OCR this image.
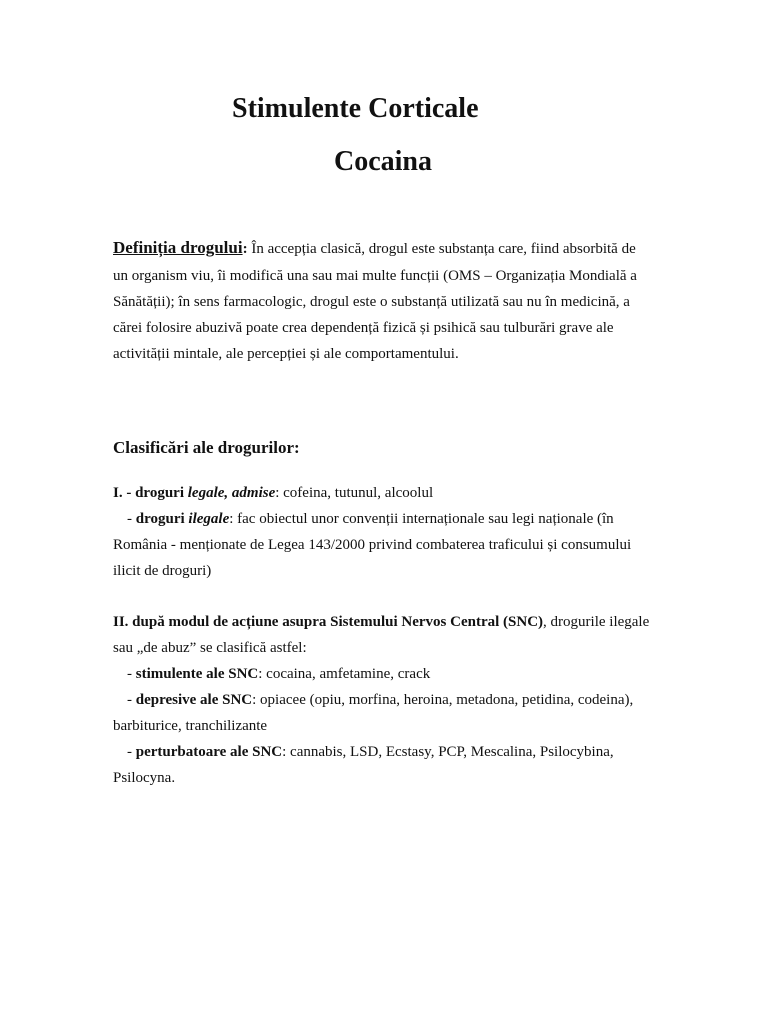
Stimulente Corticale
Cocaina
Definiția drogului: În accepția clasică, drogul este substanța care, fiind absorbită de
un organism viu, îi modifică una sau mai multe funcții (OMS – Organizația Mondială a
Sănătății); în sens farmacologic, drogul este o substanță utilizată sau nu în medicină, a
cărei folosire abuzivă poate crea dependență fizică și psihică sau tulburări grave ale
activității mintale, ale percepției și ale comportamentului.
Clasificări ale drogurilor:
I. - droguri legale, admise: cofeina, tutunul, alcoolul
- droguri ilegale: fac obiectul unor convenții internaționale sau legi naționale (în
România - menționate de Legea 143/2000 privind combaterea traficului și consumului
ilicit de droguri)
II. după modul de acțiune asupra Sistemului Nervos Central (SNC), drogurile ilegale
sau „de abuz” se clasifică astfel:
- stimulente ale SNC: cocaina, amfetamine, crack
- depresive ale SNC: opiacee (opiu, morfina, heroina, metadona, petidina, codeina),
barbiturice, tranchilizante
- perturbatoare ale SNC: cannabis, LSD, Ecstasy, PCP, Mescalina, Psilocybina,
Psilocyna.
